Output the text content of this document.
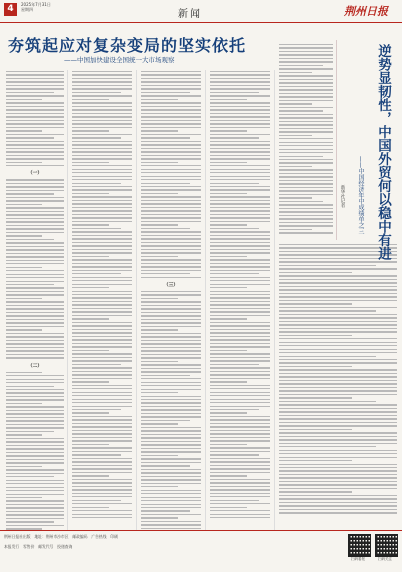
4	2025年7月31日
星期四	新闻	荆州日报
夯筑起应对复杂变局的坚实依托
——中国加快建设全国统一大市场观察
（一）
（二）
（三）
逆势显韧性，中国外贸何以稳中有进
——中国经济年中成绩单之三
新华社记者
荆州日报社出版　地址：荆州市沙市区　邮政编码　广告热线　印刷
本报发行　零售价　邮发代号　投递查询
扫码看报	扫码关注
